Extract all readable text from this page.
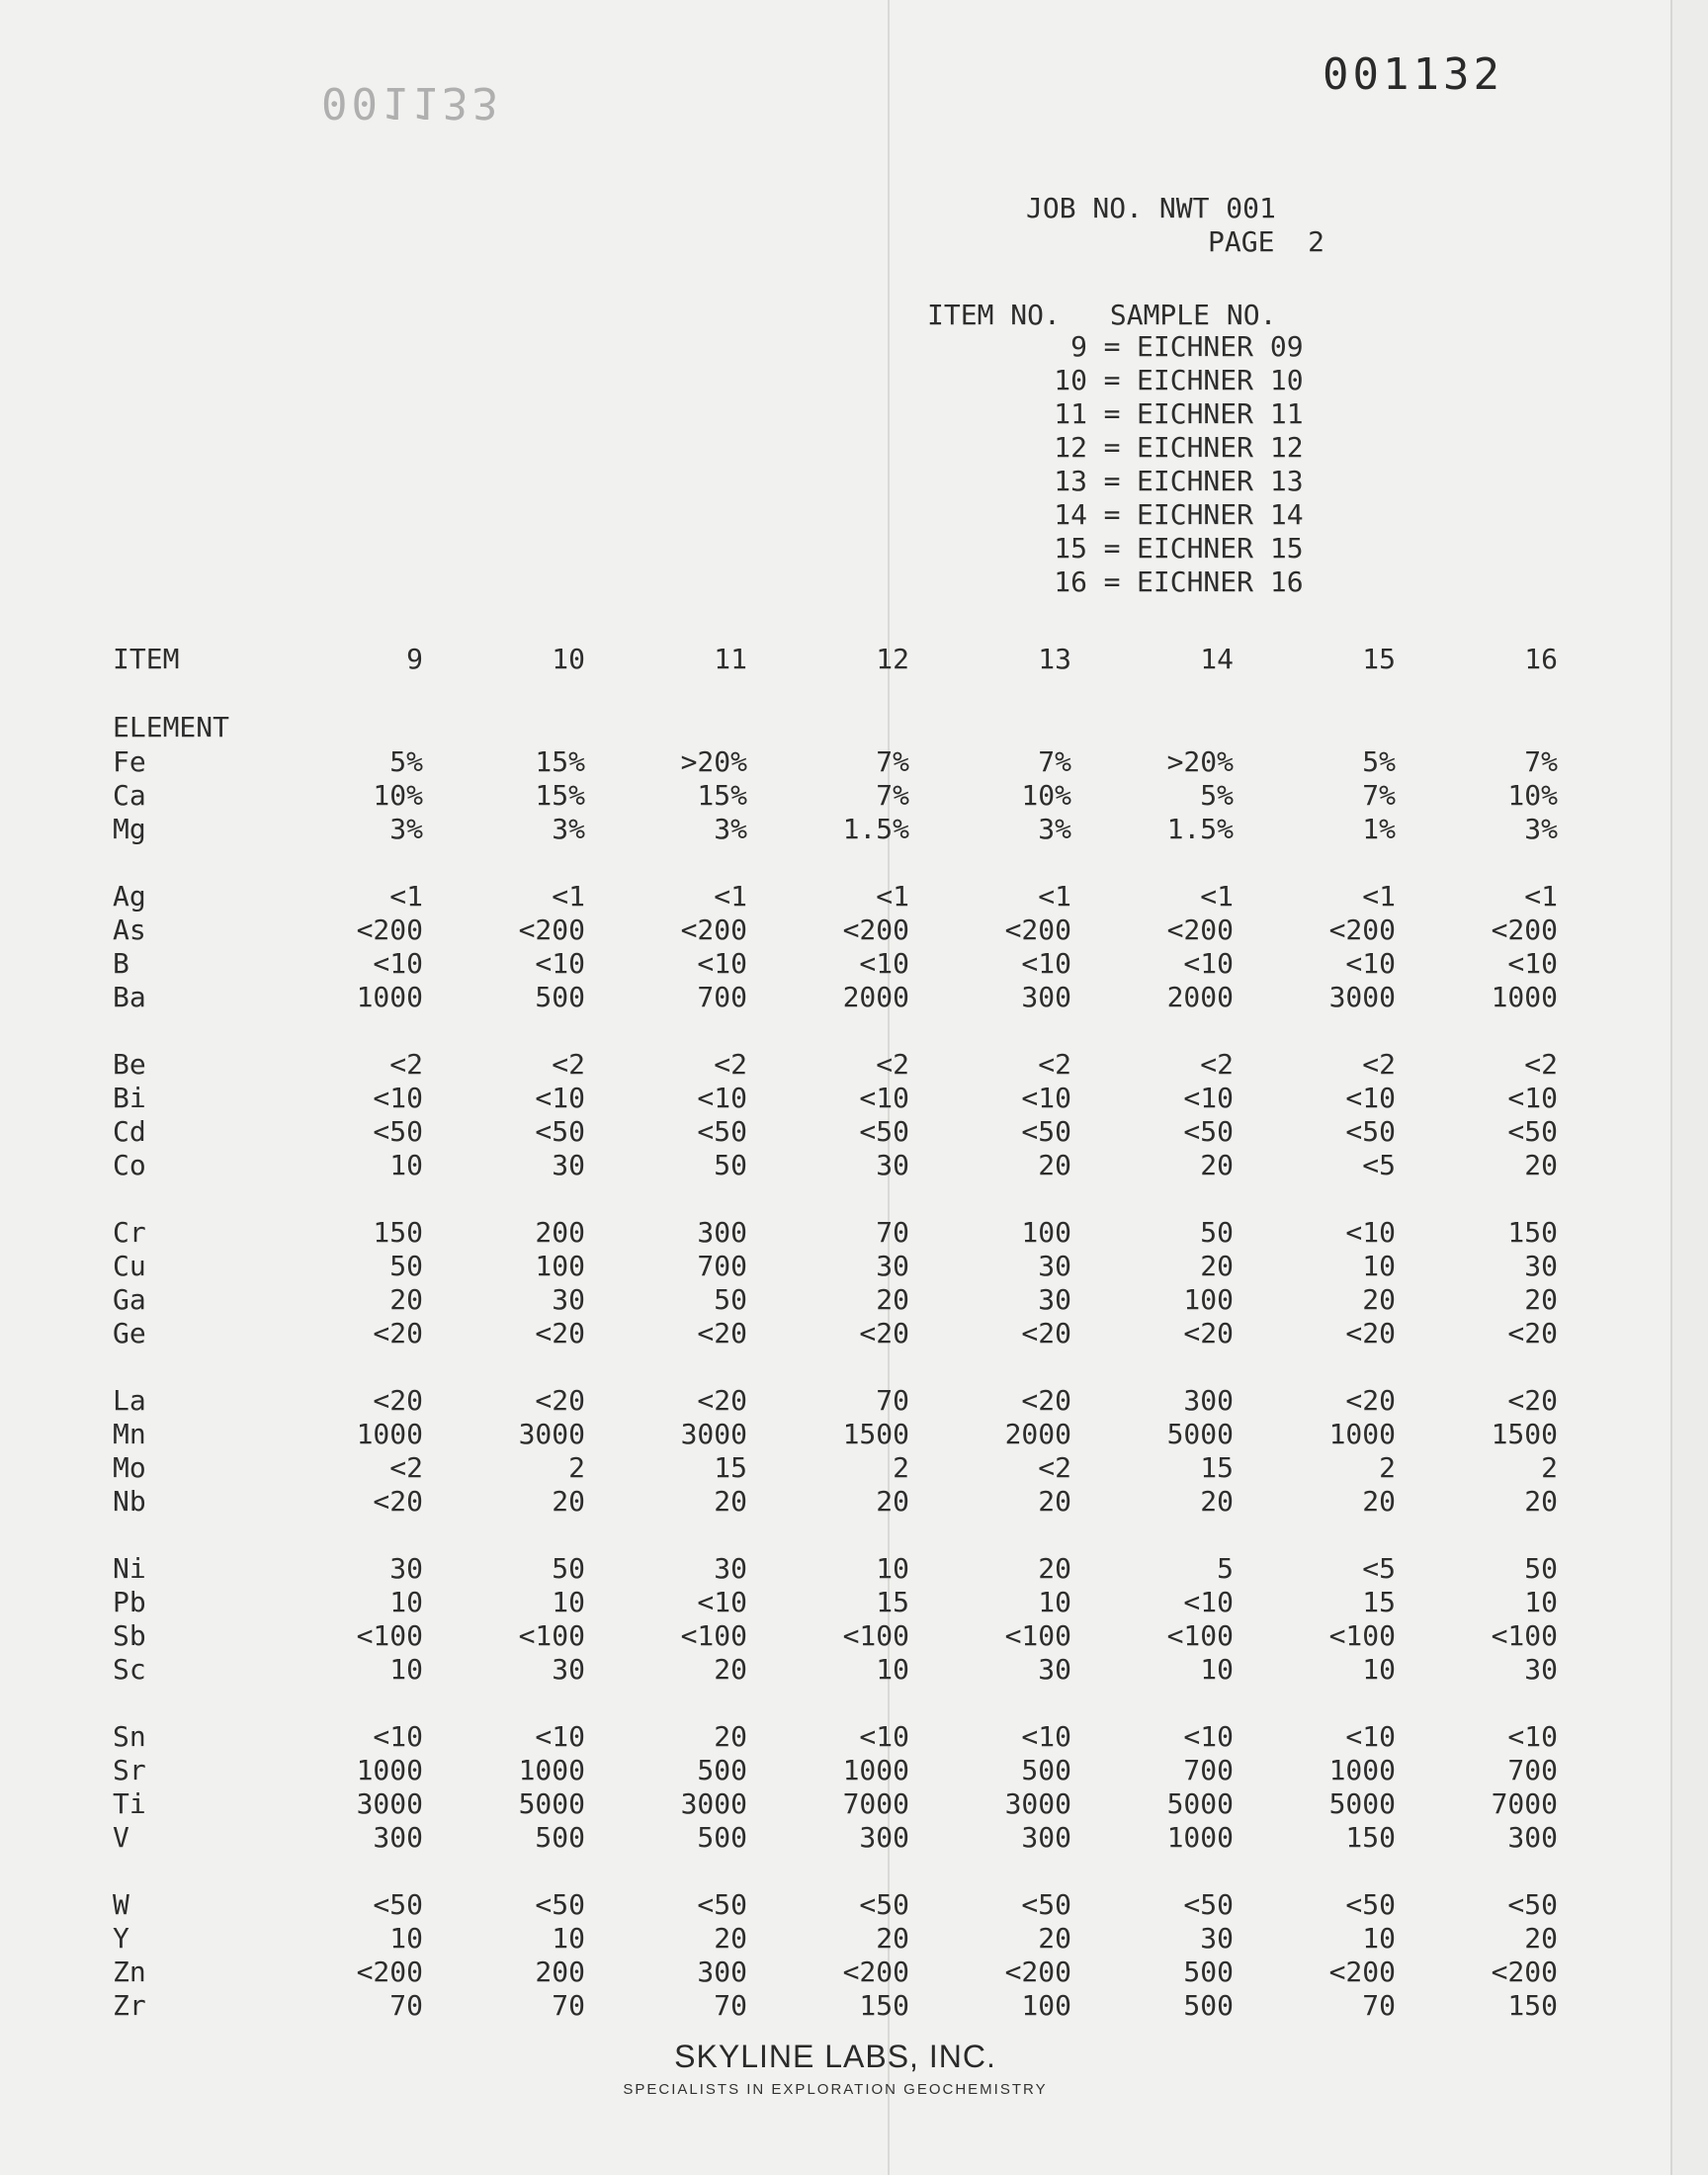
001133
001132

JOB NO. NWT 001

PAGE  2

ITEM NO. SAMPLE NO.
9 = EICHNER 09
10 = EICHNER 10
11 = EICHNER 11
12 = EICHNER 12
13 = EICHNER 13
14 = EICHNER 14
15 = EICHNER 15
16 = EICHNER 16
ITEM	9	10	11	12	13	14	15	16
ELEMENT
Fe	5%	15%	>20%	7%	7%	>20%	5%	7%
Ca	10%	15%	15%	7%	10%	5%	7%	10%
Mg	3%	3%	3%	1.5%	3%	1.5%	1%	3%
Ag	<1	<1	<1	<1	<1	<1	<1	<1
As	<200	<200	<200	<200	<200	<200	<200	<200
B	<10	<10	<10	<10	<10	<10	<10	<10
Ba	1000	500	700	2000	300	2000	3000	1000
Be	<2	<2	<2	<2	<2	<2	<2	<2
Bi	<10	<10	<10	<10	<10	<10	<10	<10
Cd	<50	<50	<50	<50	<50	<50	<50	<50
Co	10	30	50	30	20	20	<5	20
Cr	150	200	300	70	100	50	<10	150
Cu	50	100	700	30	30	20	10	30
Ga	20	30	50	20	30	100	20	20
Ge	<20	<20	<20	<20	<20	<20	<20	<20
La	<20	<20	<20	70	<20	300	<20	<20
Mn	1000	3000	3000	1500	2000	5000	1000	1500
Mo	<2	2	15	2	<2	15	2	2
Nb	<20	20	20	20	20	20	20	20
Ni	30	50	30	10	20	5	<5	50
Pb	10	10	<10	15	10	<10	15	10
Sb	<100	<100	<100	<100	<100	<100	<100	<100
Sc	10	30	20	10	30	10	10	30
Sn	<10	<10	20	<10	<10	<10	<10	<10
Sr	1000	1000	500	1000	500	700	1000	700
Ti	3000	5000	3000	7000	3000	5000	5000	7000
V	300	500	500	300	300	1000	150	300
W	<50	<50	<50	<50	<50	<50	<50	<50
Y	10	10	20	20	20	30	10	20
Zn	<200	200	300	<200	<200	500	<200	<200
Zr	70	70	70	150	100	500	70	150
SKYLINE LABS, INC.
SPECIALISTS IN EXPLORATION GEOCHEMISTRY
